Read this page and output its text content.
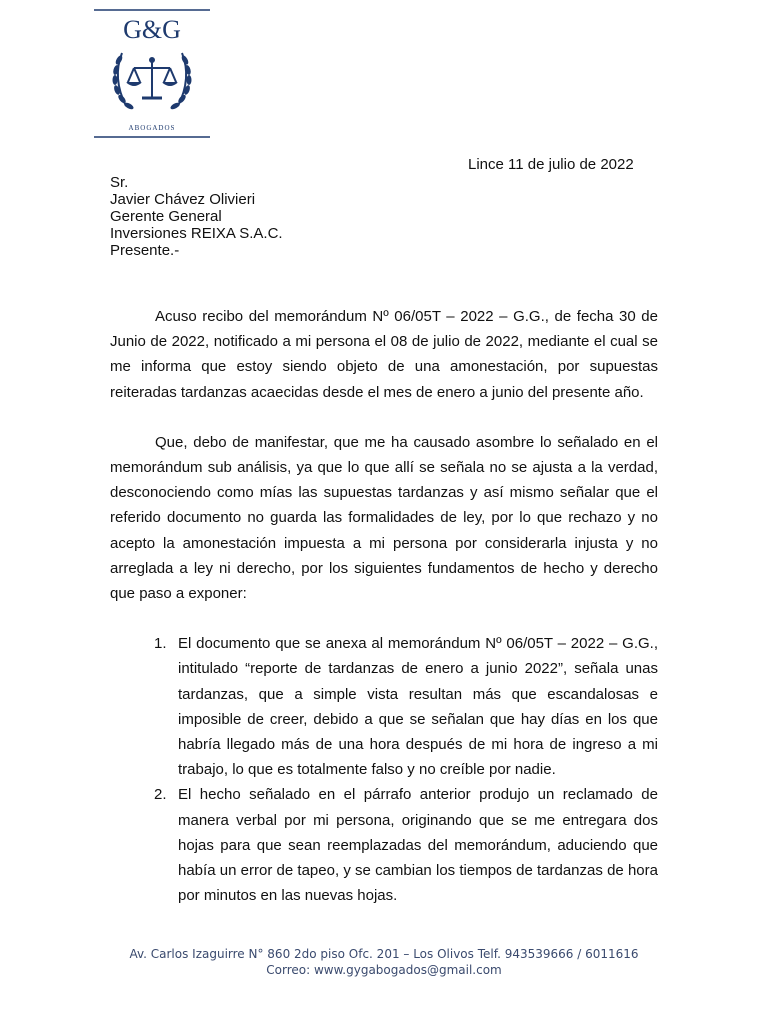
G&G
ABOGADOS
Lince 11 de julio de 2022
Sr.
Javier Chávez Olivieri
Gerente General
Inversiones REIXA S.A.C.
Presente.-

Acuso recibo del memorándum Nº 06/05T – 2022 – G.G., de fecha 30 de Junio de 2022, notificado a mi persona el 08 de julio de 2022, mediante el cual se me informa que estoy siendo objeto de una amonestación, por supuestas reiteradas tardanzas acaecidas desde el mes de enero a junio del presente año.

Que, debo de manifestar, que me ha causado asombre lo señalado en el memorándum sub análisis, ya que lo que allí se señala no se ajusta a la verdad, desconociendo como mías las supuestas tardanzas y así mismo señalar que el referido documento no guarda las formalidades de ley, por lo que rechazo y no acepto la amonestación impuesta a mi persona por considerarla injusta y no arreglada a ley ni derecho, por los siguientes fundamentos de hecho y derecho que paso a exponer:

1. El documento que se anexa al memorándum Nº 06/05T – 2022 – G.G., intitulado “reporte de tardanzas de enero a junio 2022”, señala unas tardanzas, que a simple vista resultan más que escandalosas e imposible de creer, debido a que se señalan que hay días en los que habría llegado más de una hora después de mi hora de ingreso a mi trabajo, lo que es totalmente falso y no creíble por nadie.
2. El hecho señalado en el párrafo anterior produjo un reclamado de manera verbal por mi persona, originando que se me entregara dos hojas para que sean reemplazadas del memorándum, aduciendo que había un error de tapeo, y se cambian los tiempos de tardanzas de hora por minutos en las nuevas hojas.
Av. Carlos Izaguirre N° 860 2do piso Ofc. 201 – Los Olivos Telf. 943539666 / 6011616
Correo: www.gygabogados@gmail.com
